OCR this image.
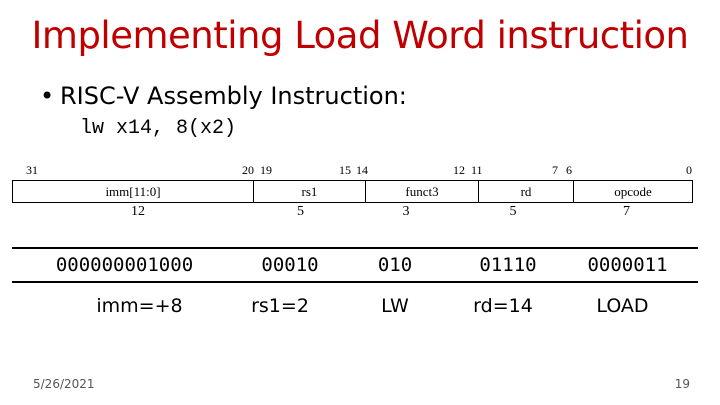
Implementing Load Word instruction
• RISC-V Assembly Instruction:
lw x14, 8(x2)
31	20 19	15 14	12 11	7 6	0
imm[11:0]	rs1	funct3	rd	opcode
12	5	3	5	7
000000001000	00010	010	01110	0000011
imm=+8	rs1=2	LW	rd=14	LOAD
5/26/2021	19
